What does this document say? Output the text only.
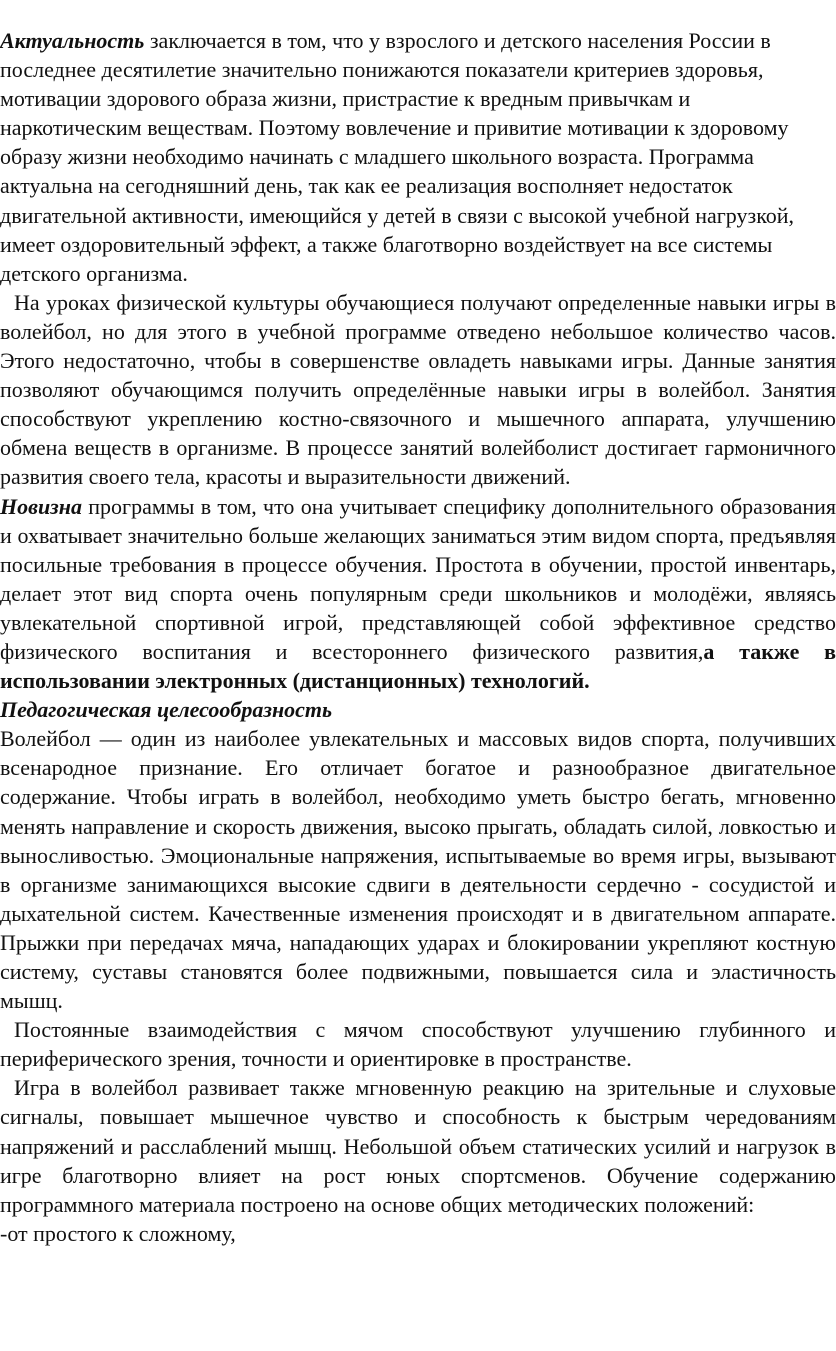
Актуальность заключается в том, что у взрослого и детского населения России в последнее десятилетие значительно понижаются показатели критериев здоровья, мотивации здорового образа жизни, пристрастие к вредным привычкам и наркотическим веществам. Поэтому вовлечение и привитие мотивации к здоровому образу жизни необходимо начинать с младшего школьного возраста. Программа актуальна на сегодняшний день, так как ее реализация восполняет недостаток двигательной активности, имеющийся у детей в связи с высокой учебной нагрузкой, имеет оздоровительный эффект, а также благотворно воздействует на все системы детского организма.

На уроках физической культуры обучающиеся получают определенные навыки игры в волейбол, но для этого в учебной программе отведено небольшое количество часов. Этого недостаточно, чтобы в совершенстве овладеть навыками игры. Данные занятия позволяют обучающимся получить определённые навыки игры в волейбол. Занятия способствуют укреплению костно-связочного и мышечного аппарата, улучшению обмена веществ в организме. В процессе занятий волейболист достигает гармоничного развития своего тела, красоты и выразительности движений.

Новизна программы в том, что она учитывает специфику дополнительного образования и охватывает значительно больше желающих заниматься этим видом спорта, предъявляя посильные требования в процессе обучения. Простота в обучении, простой инвентарь, делает этот вид спорта очень популярным среди школьников и молодёжи, являясь увлекательной спортивной игрой, представляющей собой эффективное средство физического воспитания и всестороннего физического развития,а также в использовании электронных (дистанционных) технологий.

Педагогическая целесообразность

Волейбол — один из наиболее увлекательных и массовых видов спорта, получивших всенародное признание. Его отличает богатое и разнообразное двигательное содержание. Чтобы играть в волейбол, необходимо уметь быстро бегать, мгновенно менять направление и скорость движения, высоко прыгать, обладать силой, ловкостью и выносливостью. Эмоциональные напряжения, испытываемые во время игры, вызывают в организме занимающихся высокие сдвиги в деятельности сердечно - сосудистой и дыхательной систем. Качественные изменения происходят и в двигательном аппарате. Прыжки при передачах мяча, нападающих ударах и блокировании укрепляют костную систему, суставы становятся более подвижными, повышается сила и эластичность мышц.

Постоянные взаимодействия с мячом способствуют улучшению глубинного и периферического зрения, точности и ориентировке в пространстве.

Игра в волейбол развивает также мгновенную реакцию на зрительные и слуховые сигналы, повышает мышечное чувство и способность к быстрым чередованиям напряжений и расслаблений мышц. Небольшой объем статических усилий и нагрузок в игре благотворно влияет на рост юных спортсменов. Обучение содержанию программного материала построено на основе общих методических положений:

-от простого к сложному,
